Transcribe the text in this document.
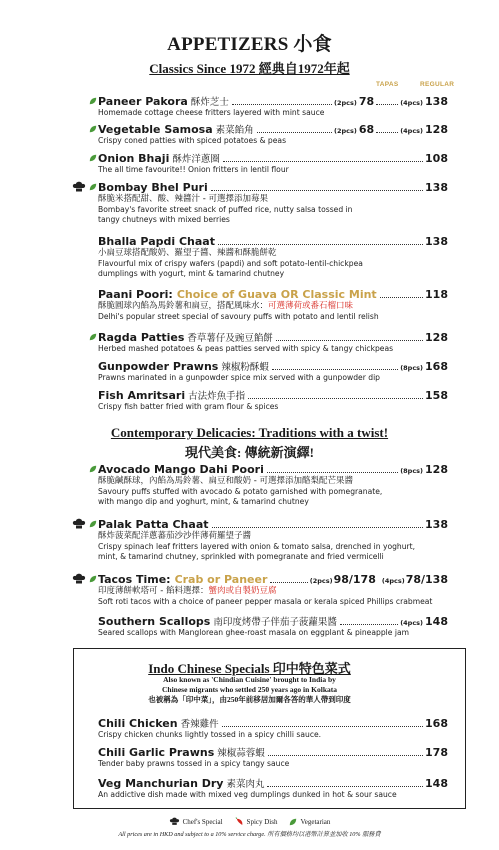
APPETIZERS 小食
Classics Since 1972 經典自1972年起
TAPAS	REGULAR
Paneer Pakora 酥炸芝士	(2pcs) 78	(4pcs) 138
Homemade cottage cheese fritters layered with mint sauce
Vegetable Samosa 素菜餡角	(2pcs) 68	(4pcs) 128
Crispy coned patties with spiced potatoes & peas
Onion Bhaji 酥炸洋蔥圈	108
The all time favourite!! Onion fritters in lentil flour
Bombay Bhel Puri	138
酥脆米搭配甜、酸、辣醬汁 - 可選擇添加莓果
Bombay's favorite street snack of puffed rice, nutty salsa tossed in
tangy chutneys with mixed berries
Bhalla Papdi Chaat	138
小扁豆球搭配酸奶、羅望子醬、辣醬和酥脆餅乾
Flavourful mix of crispy wafers (papdi) and soft potato-lentil-chickpea
dumplings with yogurt, mint & tamarind chutney
Paani Poori: Choice of Guava OR Classic Mint	118
酥脆圓球內餡為馬鈴薯和扁豆，搭配風味水：可選薄荷或番石榴口味
Delhi's popular street special of savoury puffs with potato and lentil relish
Ragda Patties 香草薯仔及豌豆餡餅	128
Herbed mashed potatoes & peas patties served with spicy & tangy chickpeas
Gunpowder Prawns 辣椒粉酥蝦	(8pcs) 168
Prawns marinated in a gunpowder spice mix served with a gunpowder dip
Fish Amritsari 古法炸魚手指	158
Crispy fish batter fried with gram flour & spices
Contemporary Delicacies: Traditions with a twist!
現代美食: 傳統新演繹!
Avocado Mango Dahi Poori	(8pcs) 128
酥脆鹹酥球，內餡為馬鈴薯、扁豆和酸奶 - 可選擇添加酪梨配芒果醬
Savoury puffs stuffed with avocado & potato garnished with pomegranate,
with mango dip and yoghurt, mint, & tamarind chutney
Palak Patta Chaat	138
酥炸菠菜配洋蔥蕃茄沙沙伴薄荷羅望子醬
Crispy spinach leaf fritters layered with onion & tomato salsa, drenched in yoghurt,
mint, & tamarind chutney, sprinkled with pomegranate and fried vermicelli
Tacos Time: Crab or Paneer	(2pcs) 98/178 (4pcs) 78/138
印度薄餅軟塔可 - 餡料選擇：蟹肉或自製奶豆腐
Soft roti tacos with a choice of paneer pepper masala or kerala spiced Phillips crabmeat
Southern Scallops 南印度烤帶子伴茄子菠蘿果醬	(4pcs) 148
Seared scallops with Manglorean ghee-roast masala on eggplant & pineapple jam
Indo Chinese Specials 印中特色菜式
Also known as 'Chindian Cuisine' brought to India by
Chinese migrants who settled 250 years ago in Kolkata
也被稱為「印中菜」，由250年前移居加爾各答的華人帶到印度
Chili Chicken 香辣雞件	168
Crispy chicken chunks lightly tossed in a spicy chilli sauce.
Chili Garlic Prawns 辣椒蒜蓉蝦	178
Tender baby prawns tossed in a spicy tangy sauce
Veg Manchurian Dry 素菜肉丸	148
An addictive dish made with mixed veg dumplings dunked in hot & sour sauce
Chef's Special	Spicy Dish	Vegetarian
All prices are in HKD and subject to a 10% service charge. 所有價格均以港幣計算並加收 10% 服務費
